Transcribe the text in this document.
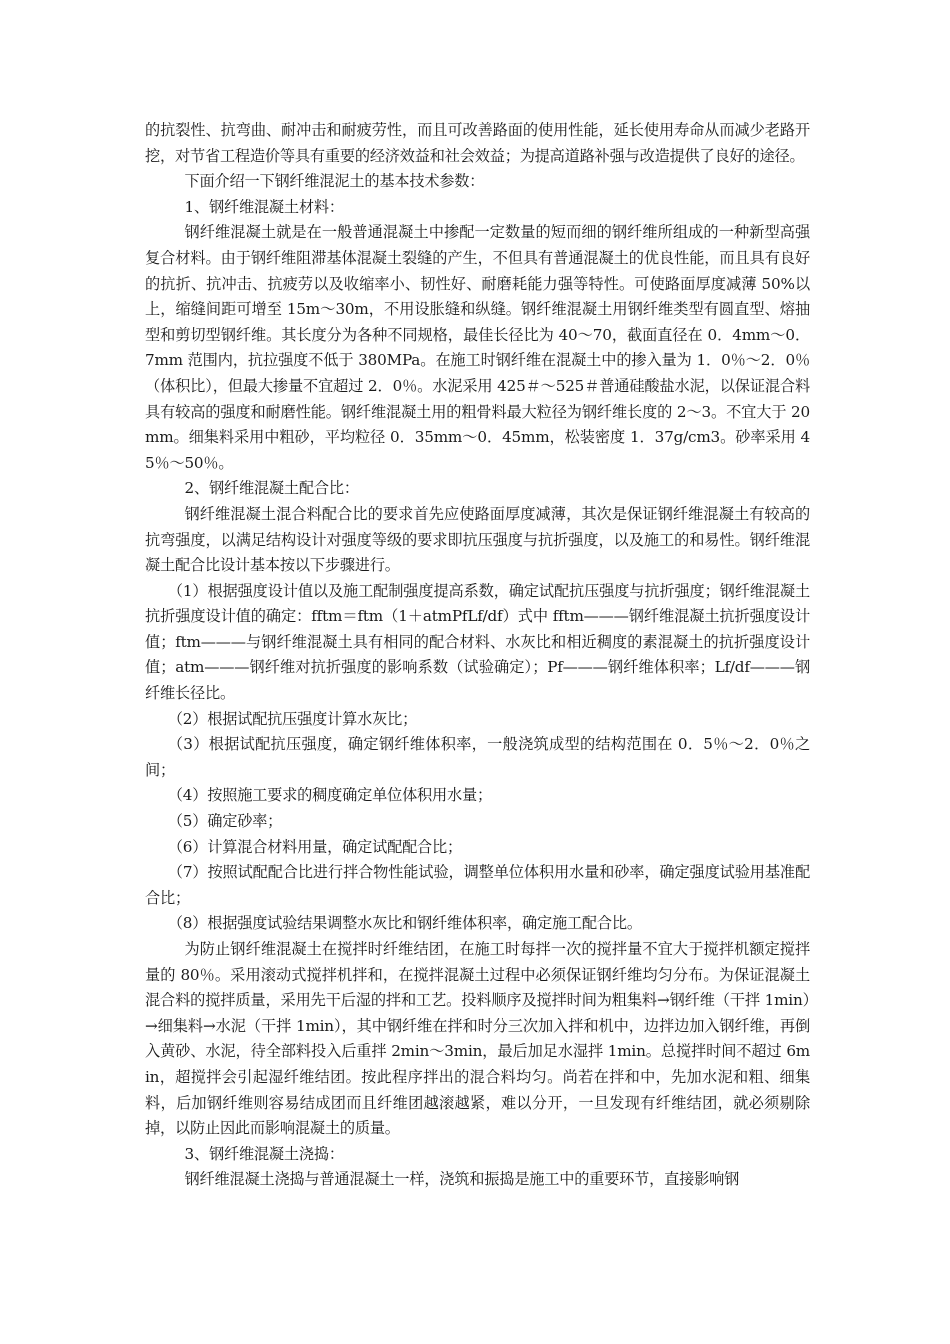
的抗裂性、抗弯曲、耐冲击和耐疲劳性，而且可改善路面的使用性能，延长使用寿命从而减少老路开挖，对节省工程造价等具有重要的经济效益和社会效益；为提高道路补强与改造提供了良好的途径。

下面介绍一下钢纤维混泥土的基本技术参数：

1、钢纤维混凝土材料：

钢纤维混凝土就是在一般普通混凝土中掺配一定数量的短而细的钢纤维所组成的一种新型高强复合材料。由于钢纤维阻滞基体混凝土裂缝的产生，不但具有普通混凝土的优良性能，而且具有良好的抗折、抗冲击、抗疲劳以及收缩率小、韧性好、耐磨耗能力强等特性。可使路面厚度减薄 50%以上，缩缝间距可增至 15m～30m，不用设胀缝和纵缝。钢纤维混凝土用钢纤维类型有圆直型、熔抽型和剪切型钢纤维。其长度分为各种不同规格，最佳长径比为 40～70，截面直径在 0．4mm～0．7mm 范围内，抗拉强度不低于 380MPa。在施工时钢纤维在混凝土中的掺入量为 1．0％～2．0％（体积比），但最大掺量不宜超过 2．0％。水泥采用 425＃～525＃普通硅酸盐水泥，以保证混合料具有较高的强度和耐磨性能。钢纤维混凝土用的粗骨料最大粒径为钢纤维长度的 2～3。不宜大于 20mm。细集料采用中粗砂，平均粒径 0．35mm～0．45mm，松装密度 1．37g/cm3。砂率采用 45％～50％。

2、钢纤维混凝土配合比：

钢纤维混凝土混合料配合比的要求首先应使路面厚度减薄，其次是保证钢纤维混凝土有较高的抗弯强度，以满足结构设计对强度等级的要求即抗压强度与抗折强度，以及施工的和易性。钢纤维混凝土配合比设计基本按以下步骤进行。

（1）根据强度设计值以及施工配制强度提高系数，确定试配抗压强度与抗折强度；钢纤维混凝土抗折强度设计值的确定：fftm＝ftm（1＋atmPfLf/df）式中 fftm———钢纤维混凝土抗折强度设计值；ftm———与钢纤维混凝土具有相同的配合材料、水灰比和相近稠度的素混凝土的抗折强度设计值；atm———钢纤维对抗折强度的影响系数（试验确定）；Pf———钢纤维体积率；Lf/df———钢纤维长径比。

（2）根据试配抗压强度计算水灰比；

（3）根据试配抗压强度，确定钢纤维体积率，一般浇筑成型的结构范围在 0．5％～2．0％之间；

（4）按照施工要求的稠度确定单位体积用水量；

（5）确定砂率；

（6）计算混合材料用量，确定试配配合比；

（7）按照试配配合比进行拌合物性能试验，调整单位体积用水量和砂率，确定强度试验用基准配合比；

（8）根据强度试验结果调整水灰比和钢纤维体积率，确定施工配合比。

为防止钢纤维混凝土在搅拌时纤维结团，在施工时每拌一次的搅拌量不宜大于搅拌机额定搅拌量的 80％。采用滚动式搅拌机拌和，在搅拌混凝土过程中必须保证钢纤维均匀分布。为保证混凝土混合料的搅拌质量，采用先干后湿的拌和工艺。投料顺序及搅拌时间为粗集料→钢纤维（干拌 1min）→细集料→水泥（干拌 1min），其中钢纤维在拌和时分三次加入拌和机中，边拌边加入钢纤维，再倒入黄砂、水泥，待全部料投入后重拌 2min～3min，最后加足水湿拌 1min。总搅拌时间不超过 6min，超搅拌会引起湿纤维结团。按此程序拌出的混合料均匀。尚若在拌和中，先加水泥和粗、细集料，后加钢纤维则容易结成团而且纤维团越滚越紧，难以分开，一旦发现有纤维结团，就必须剔除掉，以防止因此而影响混凝土的质量。

3、钢纤维混凝土浇捣：

钢纤维混凝土浇捣与普通混凝土一样，浇筑和振捣是施工中的重要环节，直接影响钢
